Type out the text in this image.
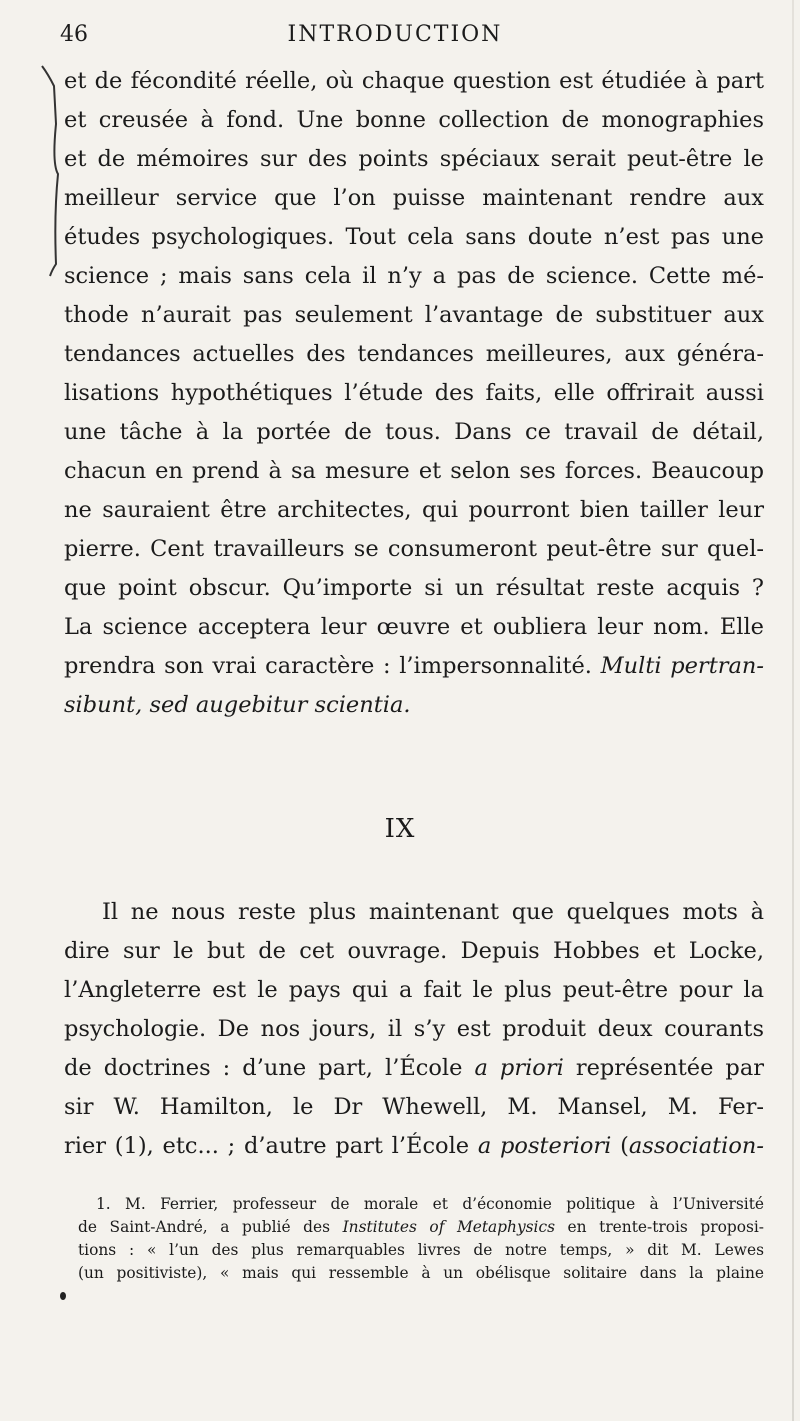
46	INTRODUCTION
et de fécondité réelle, où chaque question est étudiée à part
et creusée à fond. Une bonne collection de monographies
et de mémoires sur des points spéciaux serait peut-être le
meilleur service que l’on puisse maintenant rendre aux
études psychologiques. Tout cela sans doute n’est pas une
science ; mais sans cela il n’y a pas de science. Cette mé-
thode n’aurait pas seulement l’avantage de substituer aux
tendances actuelles des tendances meilleures, aux généra-
lisations hypothétiques l’étude des faits, elle offrirait aussi
une tâche à la portée de tous. Dans ce travail de détail,
chacun en prend à sa mesure et selon ses forces. Beaucoup
ne sauraient être architectes, qui pourront bien tailler leur
pierre. Cent travailleurs se consumeront peut-être sur quel-
que point obscur. Qu’importe si un résultat reste acquis ?
La science acceptera leur œuvre et oubliera leur nom. Elle
prendra son vrai caractère : l’impersonnalité. Multi pertran-
sibunt, sed augebitur scientia.
IX
Il ne nous reste plus maintenant que quelques mots à
dire sur le but de cet ouvrage. Depuis Hobbes et Locke,
l’Angleterre est le pays qui a fait le plus peut-être pour la
psychologie. De nos jours, il s’y est produit deux courants
de doctrines : d’une part, l’École a priori représentée par
sir W. Hamilton, le Dr Whewell, M. Mansel, M. Fer-
rier (1), etc... ; d’autre part l’École a posteriori (association-
1. M. Ferrier, professeur de morale et d’économie politique à l’Université
de Saint-André, a publié des Institutes of Metaphysics en trente-trois proposi-
tions : « l’un des plus remarquables livres de notre temps, » dit M. Lewes
(un positiviste), « mais qui ressemble à un obélisque solitaire dans la plaine
